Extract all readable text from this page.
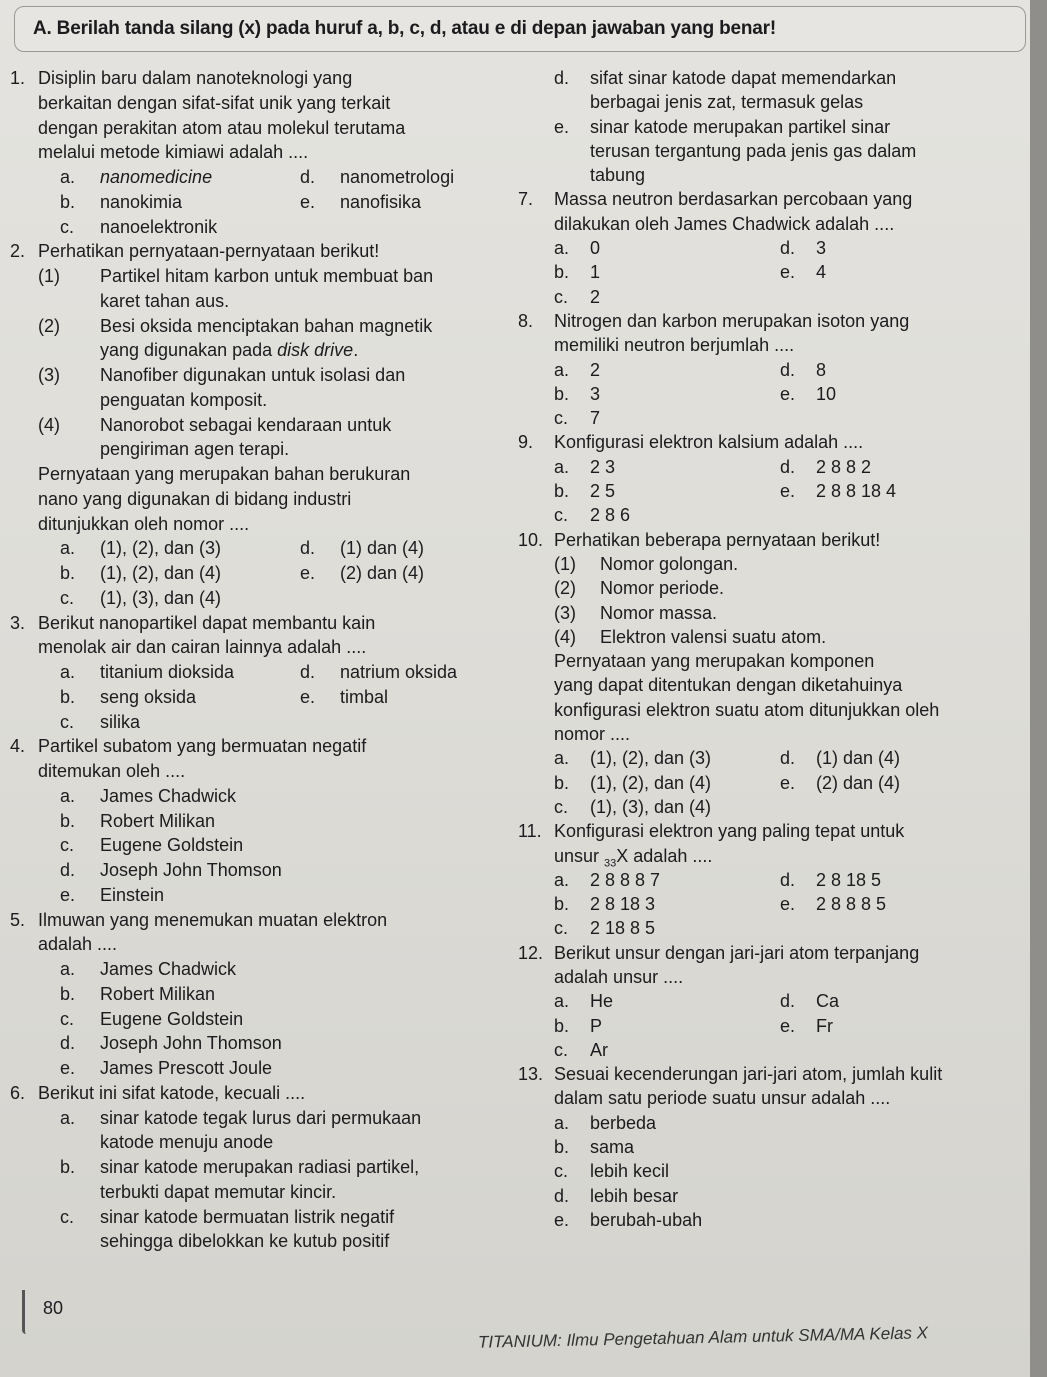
A. Berilah tanda silang (x) pada huruf a, b, c, d, atau e di depan jawaban yang benar!
1. Disiplin baru dalam nanoteknologi yang
berkaitan dengan sifat-sifat unik yang terkait
dengan perakitan atom atau molekul terutama
melalui metode kimiawi adalah ....
a. nanomedicine	d. nanometrologi
b. nanokimia	e. nanofisika
c. nanoelektronik
2. Perhatikan pernyataan-pernyataan berikut!
(1) Partikel hitam karbon untuk membuat ban
karet tahan aus.
(2) Besi oksida menciptakan bahan magnetik
yang digunakan pada disk drive.
(3) Nanofiber digunakan untuk isolasi dan
penguatan komposit.
(4) Nanorobot sebagai kendaraan untuk
pengiriman agen terapi.
Pernyataan yang merupakan bahan berukuran
nano yang digunakan di bidang industri
ditunjukkan oleh nomor ....
a. (1), (2), dan (3)	d. (1) dan (4)
b. (1), (2), dan (4)	e. (2) dan (4)
c. (1), (3), dan (4)
3. Berikut nanopartikel dapat membantu kain
menolak air dan cairan lainnya adalah ....
a. titanium dioksida	d. natrium oksida
b. seng oksida	e. timbal
c. silika
4. Partikel subatom yang bermuatan negatif
ditemukan oleh ....
a. James Chadwick
b. Robert Milikan
c. Eugene Goldstein
d. Joseph John Thomson
e. Einstein
5. Ilmuwan yang menemukan muatan elektron
adalah ....
a. James Chadwick
b. Robert Milikan
c. Eugene Goldstein
d. Joseph John Thomson
e. James Prescott Joule
6. Berikut ini sifat katode, kecuali ....
a. sinar katode tegak lurus dari permukaan
katode menuju anode
b. sinar katode merupakan radiasi partikel,
terbukti dapat memutar kincir.
c. sinar katode bermuatan listrik negatif
sehingga dibelokkan ke kutub positif
d. sifat sinar katode dapat memendarkan
berbagai jenis zat, termasuk gelas
e. sinar katode merupakan partikel sinar
terusan tergantung pada jenis gas dalam
tabung
7. Massa neutron berdasarkan percobaan yang
dilakukan oleh James Chadwick adalah ....
a. 0	d. 3
b. 1	e. 4
c. 2
8. Nitrogen dan karbon merupakan isoton yang
memiliki neutron berjumlah ....
a. 2	d. 8
b. 3	e. 10
c. 7
9. Konfigurasi elektron kalsium adalah ....
a. 2 3	d. 2 8 8 2
b. 2 5	e. 2 8 8 18 4
c. 2 8 6
10. Perhatikan beberapa pernyataan berikut!
(1) Nomor golongan.
(2) Nomor periode.
(3) Nomor massa.
(4) Elektron valensi suatu atom.
Pernyataan yang merupakan komponen
yang dapat ditentukan dengan diketahuinya
konfigurasi elektron suatu atom ditunjukkan oleh
nomor ....
a. (1), (2), dan (3)	d. (1) dan (4)
b. (1), (2), dan (4)	e. (2) dan (4)
c. (1), (3), dan (4)
11. Konfigurasi elektron yang paling tepat untuk
unsur $_{33}$X adalah ....
a. 2 8 8 8 7	d. 2 8 18 5
b. 2 8 18 3	e. 2 8 8 8 5
c. 2 18 8 5
12. Berikut unsur dengan jari-jari atom terpanjang
adalah unsur ....
a. He	d. Ca
b. P	e. Fr
c. Ar
13. Sesuai kecenderungan jari-jari atom, jumlah kulit
dalam satu periode suatu unsur adalah ....
a. berbeda
b. sama
c. lebih kecil
d. lebih besar
e. berubah-ubah
80
TITANIUM: Ilmu Pengetahuan Alam untuk SMA/MA Kelas X
